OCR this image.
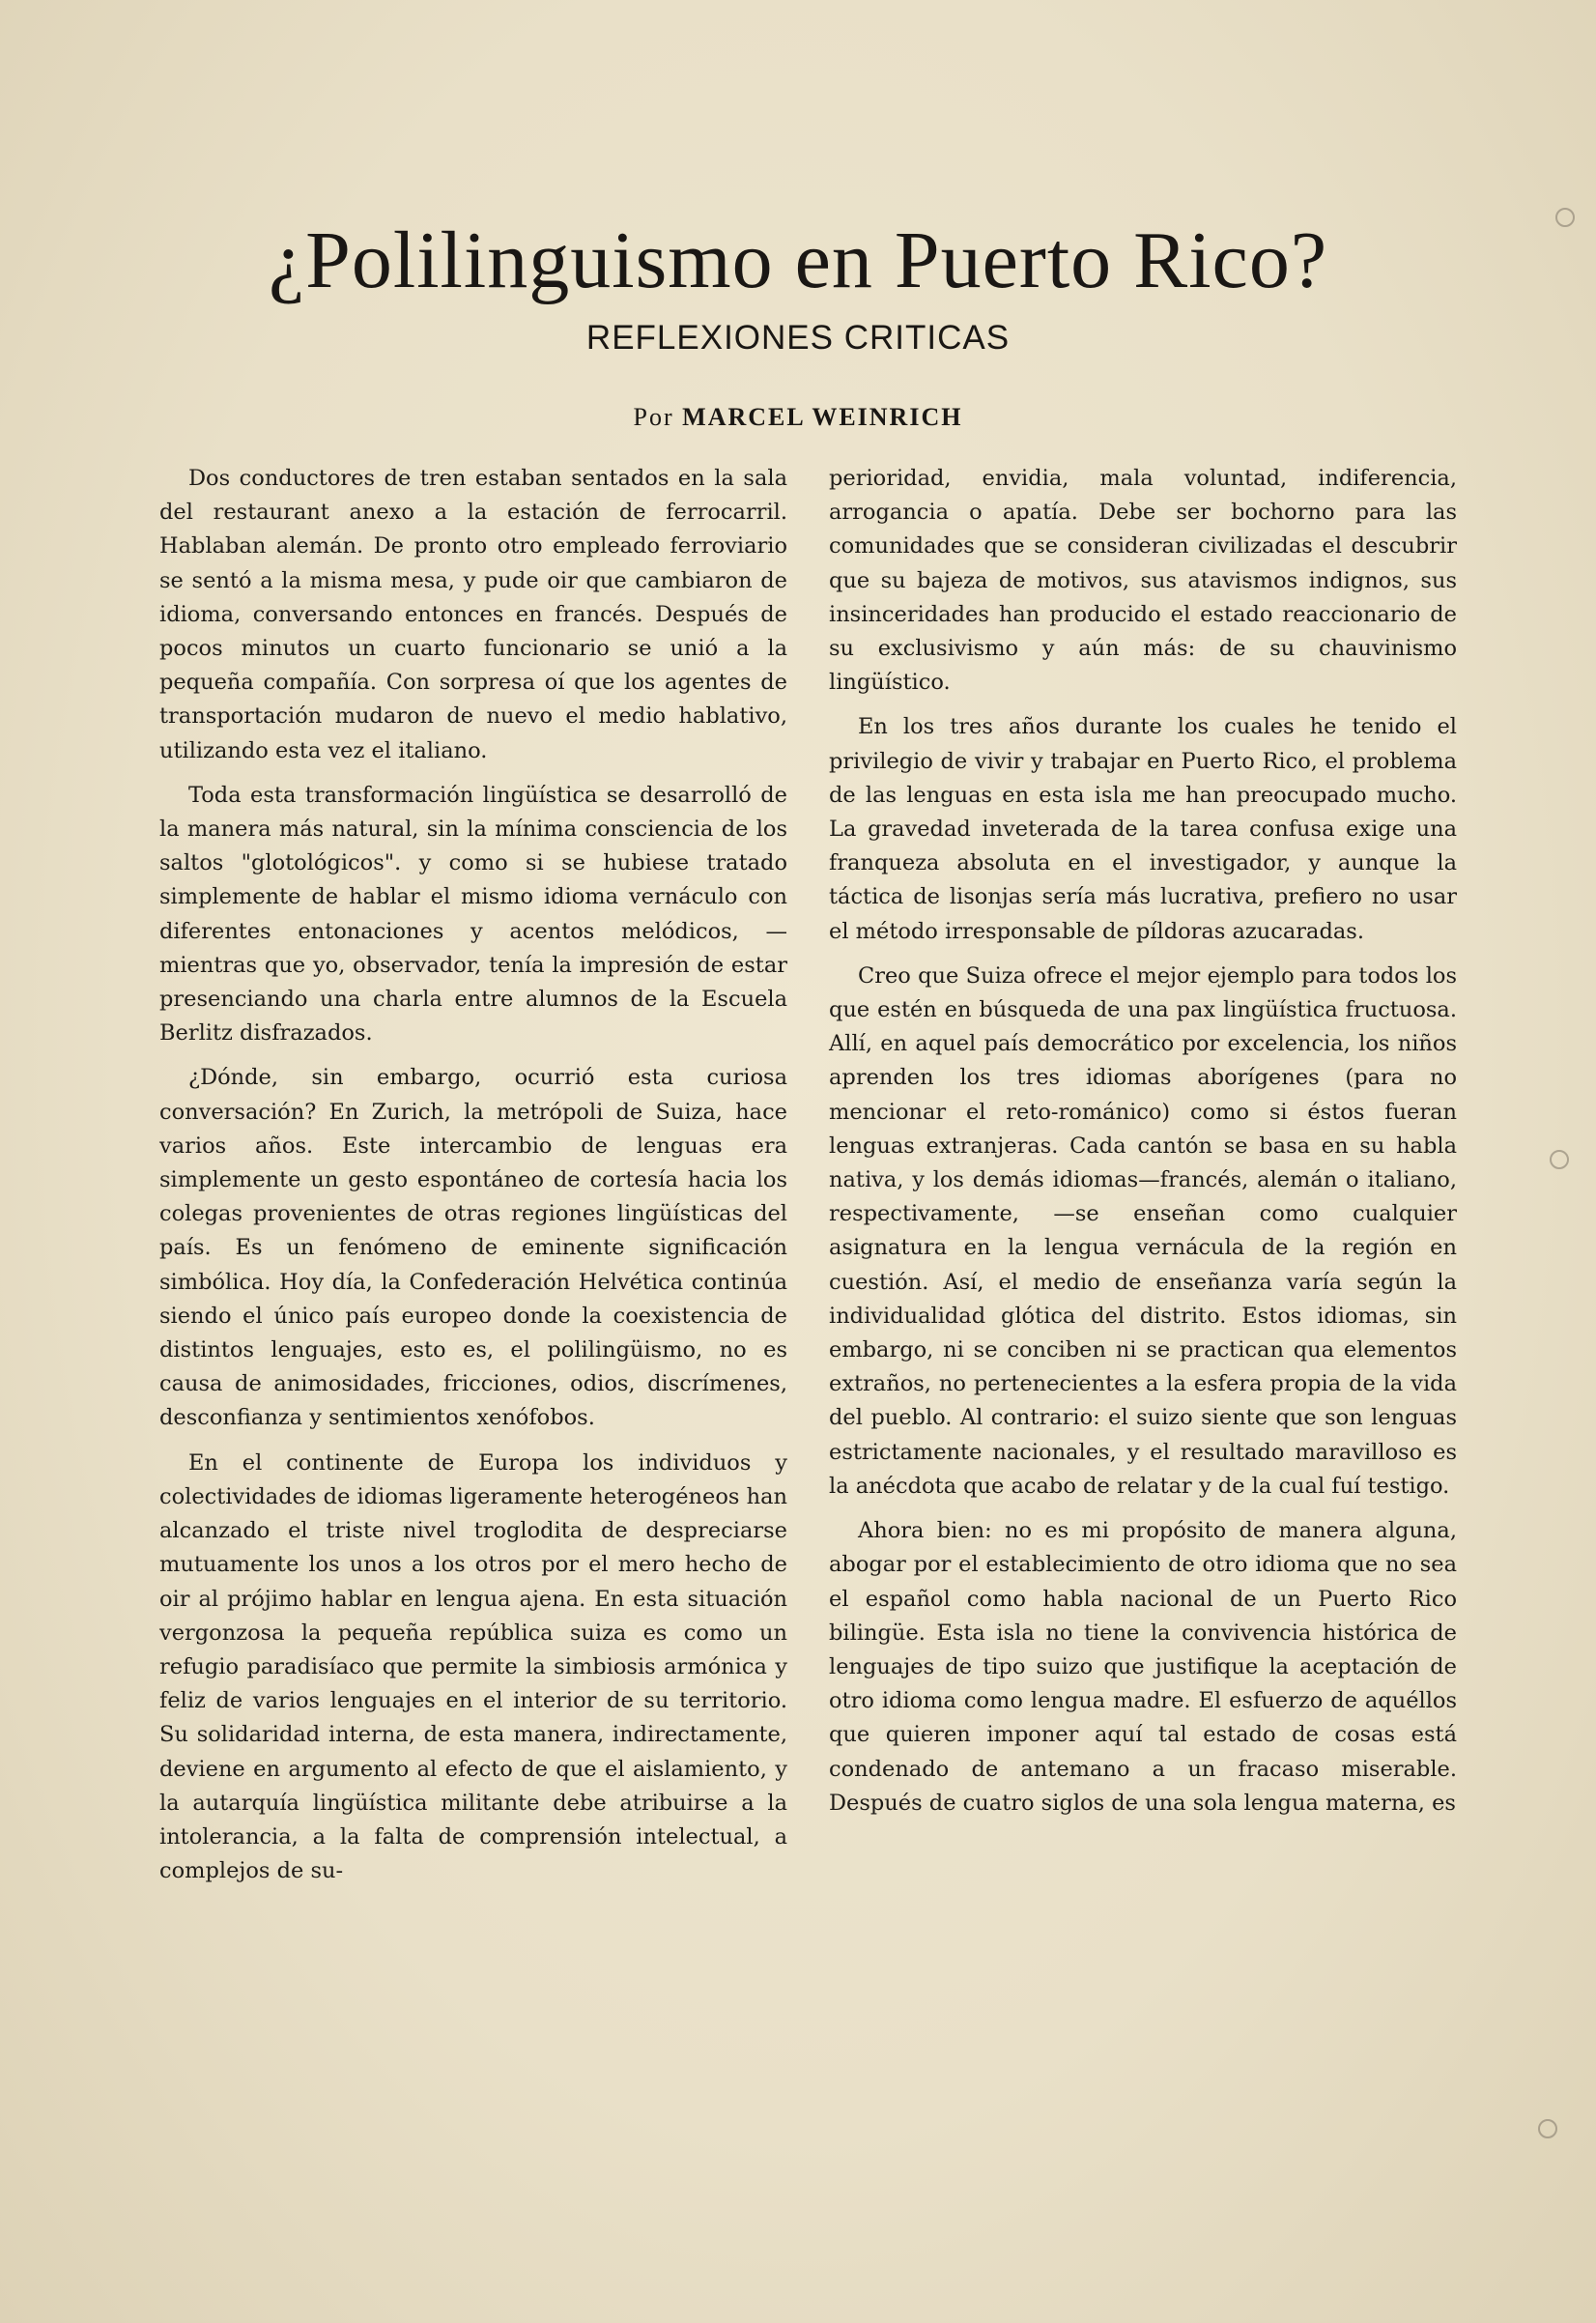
¿Polilinguismo en Puerto Rico?
REFLEXIONES CRITICAS
Por MARCEL WEINRICH

Dos conductores de tren estaban sentados en la sala del restaurant anexo a la estación de ferrocarril. Hablaban alemán. De pronto otro empleado ferroviario se sentó a la misma mesa, y pude oir que cambiaron de idioma, conversando entonces en francés. Después de pocos minutos un cuarto funcionario se unió a la pequeña compañía. Con sorpresa oí que los agentes de transportación mudaron de nuevo el medio hablativo, utilizando esta vez el italiano.

Toda esta transformación lingüística se desarrolló de la manera más natural, sin la mínima consciencia de los saltos "glotológicos". y como si se hubiese tratado simplemente de hablar el mismo idioma vernáculo con diferentes entonaciones y acentos melódicos, — mientras que yo, observador, tenía la impresión de estar presenciando una charla entre alumnos de la Escuela Berlitz disfrazados.

¿Dónde, sin embargo, ocurrió esta curiosa conversación? En Zurich, la metrópoli de Suiza, hace varios años. Este intercambio de lenguas era simplemente un gesto espontáneo de cortesía hacia los colegas provenientes de otras regiones lingüísticas del país. Es un fenómeno de eminente significación simbólica. Hoy día, la Confederación Helvética continúa siendo el único país europeo donde la coexistencia de distintos lenguajes, esto es, el polilingüismo, no es causa de animosidades, fricciones, odios, discrímenes, desconfianza y sentimientos xenófobos.

En el continente de Europa los individuos y colectividades de idiomas ligeramente heterogéneos han alcanzado el triste nivel troglodita de despreciarse mutuamente los unos a los otros por el mero hecho de oir al prójimo hablar en lengua ajena. En esta situación vergonzosa la pequeña república suiza es como un refugio paradisíaco que permite la simbiosis armónica y feliz de varios lenguajes en el interior de su territorio. Su solidaridad interna, de esta manera, indirectamente, deviene en argumento al efecto de que el aislamiento, y la autarquía lingüística militante debe atribuirse a la intolerancia, a la falta de comprensión intelectual, a complejos de su-

perioridad, envidia, mala voluntad, indiferencia, arrogancia o apatía. Debe ser bochorno para las comunidades que se consideran civilizadas el descubrir que su bajeza de motivos, sus atavismos indignos, sus insinceridades han producido el estado reaccionario de su exclusivismo y aún más: de su chauvinismo lingüístico.

En los tres años durante los cuales he tenido el privilegio de vivir y trabajar en Puerto Rico, el problema de las lenguas en esta isla me han preocupado mucho. La gravedad inveterada de la tarea confusa exige una franqueza absoluta en el investigador, y aunque la táctica de lisonjas sería más lucrativa, prefiero no usar el método irresponsable de píldoras azucaradas.

Creo que Suiza ofrece el mejor ejemplo para todos los que estén en búsqueda de una pax lingüística fructuosa. Allí, en aquel país democrático por excelencia, los niños aprenden los tres idiomas aborígenes (para no mencionar el reto-románico) como si éstos fueran lenguas extranjeras. Cada cantón se basa en su habla nativa, y los demás idiomas—francés, alemán o italiano, respectivamente, —se enseñan como cualquier asignatura en la lengua vernácula de la región en cuestión. Así, el medio de enseñanza varía según la individualidad glótica del distrito. Estos idiomas, sin embargo, ni se conciben ni se practican qua elementos extraños, no pertenecientes a la esfera propia de la vida del pueblo. Al contrario: el suizo siente que son lenguas estrictamente nacionales, y el resultado maravilloso es la anécdota que acabo de relatar y de la cual fuí testigo.

Ahora bien: no es mi propósito de manera alguna, abogar por el establecimiento de otro idioma que no sea el español como habla nacional de un Puerto Rico bilingüe. Esta isla no tiene la convivencia histórica de lenguajes de tipo suizo que justifique la aceptación de otro idioma como lengua madre. El esfuerzo de aquéllos que quieren imponer aquí tal estado de cosas está condenado de antemano a un fracaso miserable. Después de cuatro siglos de una sola lengua materna, es
